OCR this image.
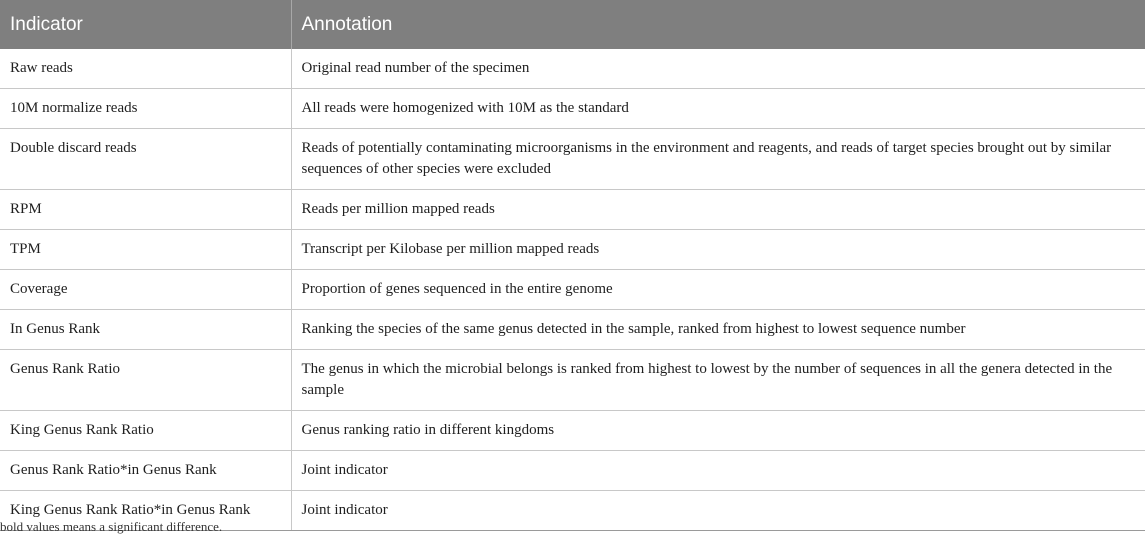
Indicator	Annotation
Raw reads	Original read number of the specimen
10M normalize reads	All reads were homogenized with 10M as the standard
Double discard reads	Reads of potentially contaminating microorganisms in the environment and reagents, and reads of target species brought out by similar sequences of other species were excluded
RPM	Reads per million mapped reads
TPM	Transcript per Kilobase per million mapped reads
Coverage	Proportion of genes sequenced in the entire genome
In Genus Rank	Ranking the species of the same genus detected in the sample, ranked from highest to lowest sequence number
Genus Rank Ratio	The genus in which the microbial belongs is ranked from highest to lowest by the number of sequences in all the genera detected in the sample
King Genus Rank Ratio	Genus ranking ratio in different kingdoms
Genus Rank Ratio*in Genus Rank	Joint indicator
King Genus Rank Ratio*in Genus Rank	Joint indicator

bold values means a significant difference.
